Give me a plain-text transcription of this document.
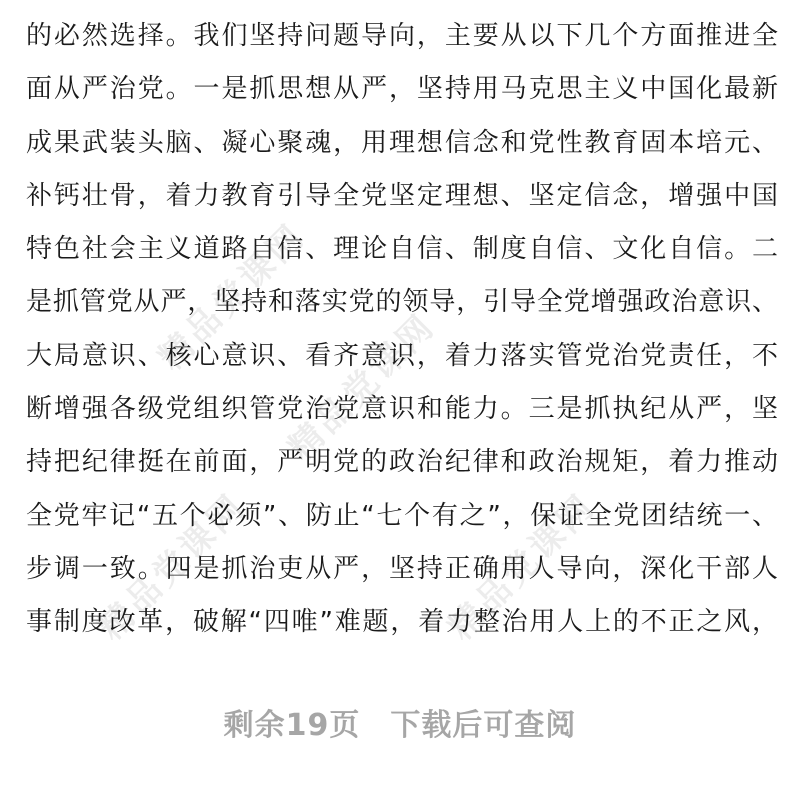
精品党课网
精品党课网
精品党课网	精品党课网
的必然选择。我们坚持问题导向，主要从以下几个方面推进全
面从严治党。一是抓思想从严，坚持用马克思主义中国化最新
成果武装头脑、凝心聚魂，用理想信念和党性教育固本培元、
补钙壮骨，着力教育引导全党坚定理想、坚定信念，增强中国
特色社会主义道路自信、理论自信、制度自信、文化自信。二
是抓管党从严，坚持和落实党的领导，引导全党增强政治意识、
大局意识、核心意识、看齐意识，着力落实管党治党责任，不
断增强各级党组织管党治党意识和能力。三是抓执纪从严，坚
持把纪律挺在前面，严明党的政治纪律和政治规矩，着力推动
全党牢记“五个必须”、防止“七个有之”，保证全党团结统一、
步调一致。四是抓治吏从严，坚持正确用人导向，深化干部人
事制度改革，破解“四唯”难题，着力整治用人上的不正之风，
剩余19页 下载后可查阅
